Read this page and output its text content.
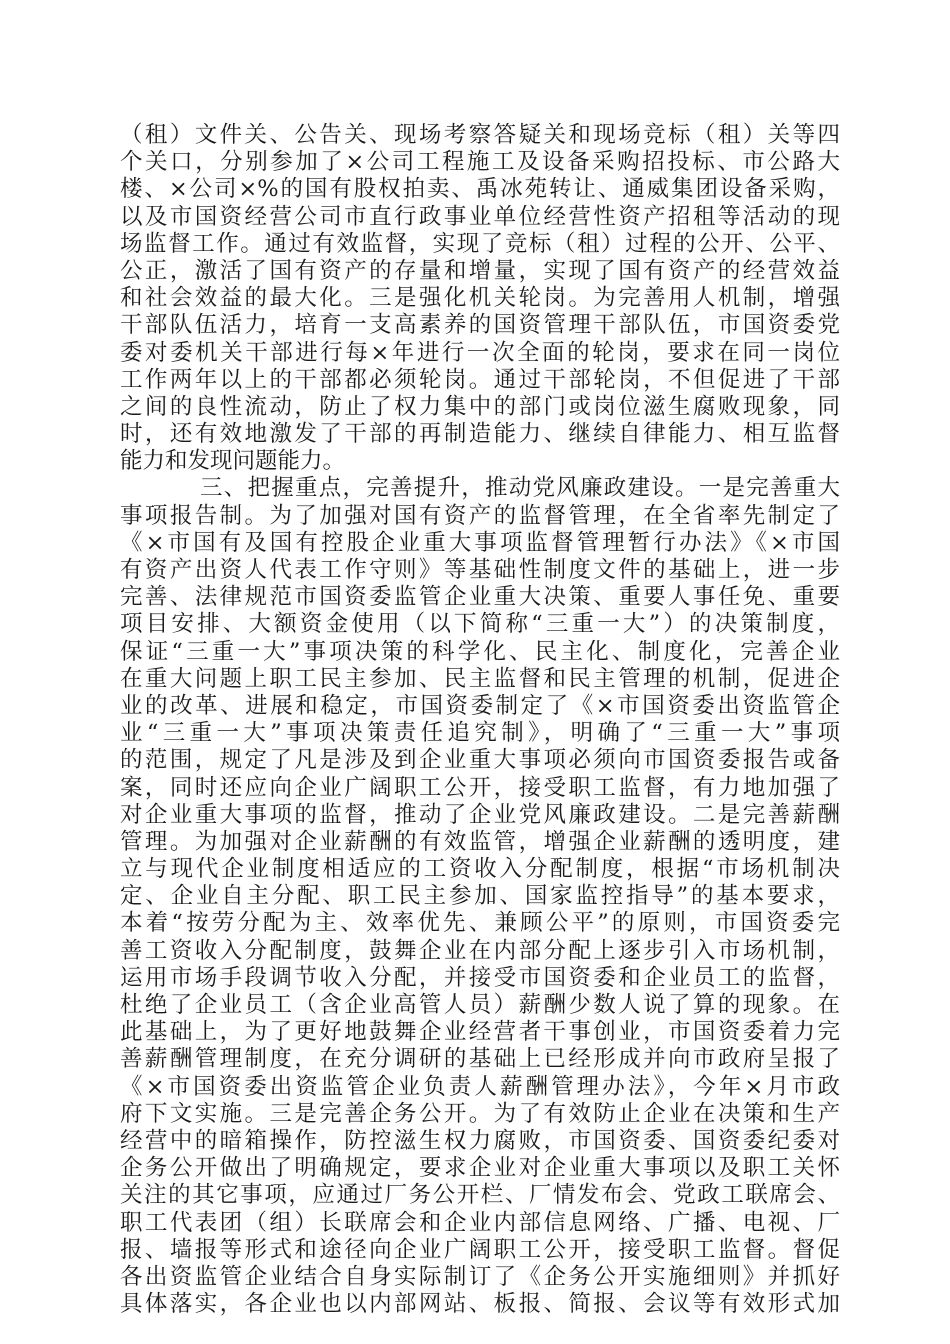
（租）文件关、公告关、现场考察答疑关和现场竞标（租）关等四
个关口，分别参加了×公司工程施工及设备采购招投标、市公路大
楼、×公司×%的国有股权拍卖、禹冰苑转让、通威集团设备采购，
以及市国资经营公司市直行政事业单位经营性资产招租等活动的现
场监督工作。通过有效监督，实现了竞标（租）过程的公开、公平、
公正，激活了国有资产的存量和增量，实现了国有资产的经营效益
和社会效益的最大化。三是强化机关轮岗。为完善用人机制，增强
干部队伍活力，培育一支高素养的国资管理干部队伍，市国资委党
委对委机关干部进行每×年进行一次全面的轮岗，要求在同一岗位
工作两年以上的干部都必须轮岗。通过干部轮岗，不但促进了干部
之间的良性流动，防止了权力集中的部门或岗位滋生腐败现象，同
时，还有效地激发了干部的再制造能力、继续自律能力、相互监督
能力和发现问题能力。
三、把握重点，完善提升，推动党风廉政建设。一是完善重大
事项报告制。为了加强对国有资产的监督管理，在全省率先制定了
《×市国有及国有控股企业重大事项监督管理暂行办法》《×市国
有资产出资人代表工作守则》等基础性制度文件的基础上，进一步
完善、法律规范市国资委监管企业重大决策、重要人事任免、重要
项目安排、大额资金使用（以下简称“三重一大”）的决策制度，
保证“三重一大”事项决策的科学化、民主化、制度化，完善企业
在重大问题上职工民主参加、民主监督和民主管理的机制，促进企
业的改革、进展和稳定，市国资委制定了《×市国资委出资监管企
业“三重一大”事项决策责任追究制》，明确了“三重一大”事项
的范围，规定了凡是涉及到企业重大事项必须向市国资委报告或备
案，同时还应向企业广阔职工公开，接受职工监督，有力地加强了
对企业重大事项的监督，推动了企业党风廉政建设。二是完善薪酬
管理。为加强对企业薪酬的有效监管，增强企业薪酬的透明度，建
立与现代企业制度相适应的工资收入分配制度，根据“市场机制决
定、企业自主分配、职工民主参加、国家监控指导”的基本要求，
本着“按劳分配为主、效率优先、兼顾公平”的原则，市国资委完
善工资收入分配制度，鼓舞企业在内部分配上逐步引入市场机制，
运用市场手段调节收入分配，并接受市国资委和企业员工的监督，
杜绝了企业员工（含企业高管人员）薪酬少数人说了算的现象。在
此基础上，为了更好地鼓舞企业经营者干事创业，市国资委着力完
善薪酬管理制度，在充分调研的基础上已经形成并向市政府呈报了
《×市国资委出资监管企业负责人薪酬管理办法》，今年×月市政
府下文实施。三是完善企务公开。为了有效防止企业在决策和生产
经营中的暗箱操作，防控滋生权力腐败，市国资委、国资委纪委对
企务公开做出了明确规定，要求企业对企业重大事项以及职工关怀
关注的其它事项，应通过厂务公开栏、厂情发布会、党政工联席会、
职工代表团（组）长联席会和企业内部信息网络、广播、电视、厂
报、墙报等形式和途径向企业广阔职工公开，接受职工监督。督促
各出资监管企业结合自身实际制订了《企务公开实施细则》并抓好
具体落实，各企业也以内部网站、板报、简报、会议等有效形式加
